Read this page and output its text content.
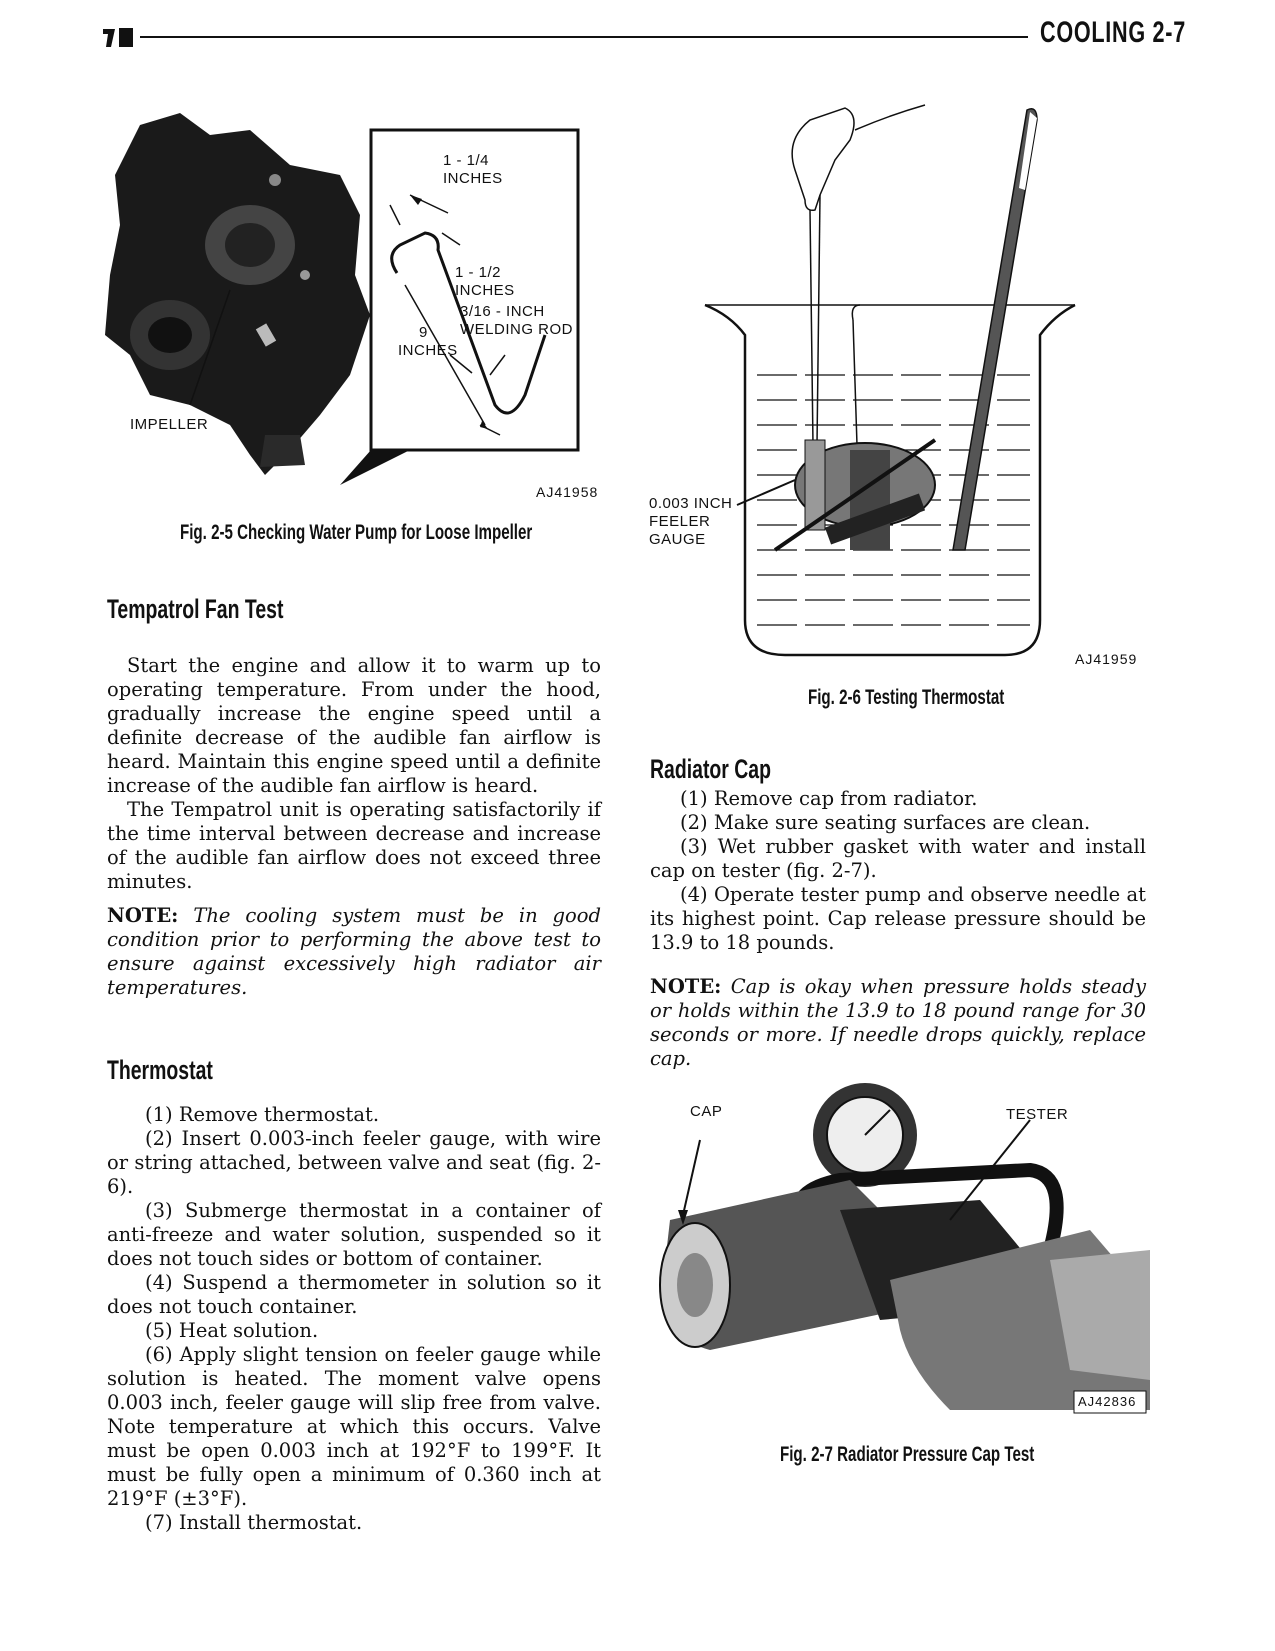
COOLING 2-7
1 - 1/4
INCHES
1 - 1/2
INCHES
3/16 - INCH
WELDING ROD
9
INCHES
IMPELLER
AJ41958
Fig. 2-5 Checking Water Pump for Loose Impeller
0.003 INCH
FEELER
GAUGE
AJ41959
Fig. 2-6 Testing Thermostat
Tempatrol Fan Test
Start the engine and allow it to warm up to operating temperature. From under the hood, gradually increase the engine speed until a definite decrease of the audible fan airflow is heard. Maintain this engine speed until a definite increase of the audible fan airflow is heard.
The Tempatrol unit is operating satisfactorily if the time interval between decrease and increase of the audible fan airflow does not exceed three minutes.
NOTE: The cooling system must be in good condition prior to performing the above test to ensure against excessively high radiator air temperatures.
Thermostat
(1) Remove thermostat.
(2) Insert 0.003-inch feeler gauge, with wire or string attached, between valve and seat (fig. 2-6).
(3) Submerge thermostat in a container of anti-freeze and water solution, suspended so it does not touch sides or bottom of container.
(4) Suspend a thermometer in solution so it does not touch container.
(5) Heat solution.
(6) Apply slight tension on feeler gauge while solution is heated. The moment valve opens 0.003 inch, feeler gauge will slip free from valve. Note temperature at which this occurs. Valve must be open 0.003 inch at 192°F to 199°F. It must be fully open a minimum of 0.360 inch at 219°F (±3°F).
(7) Install thermostat.
Radiator Cap
(1) Remove cap from radiator.
(2) Make sure seating surfaces are clean.
(3) Wet rubber gasket with water and install cap on tester (fig. 2-7).
(4) Operate tester pump and observe needle at its highest point. Cap release pressure should be 13.9 to 18 pounds.
NOTE: Cap is okay when pressure holds steady or holds within the 13.9 to 18 pound range for 30 seconds or more. If needle drops quickly, replace cap.
CAP	TESTER
AJ42836
Fig. 2-7 Radiator Pressure Cap Test
